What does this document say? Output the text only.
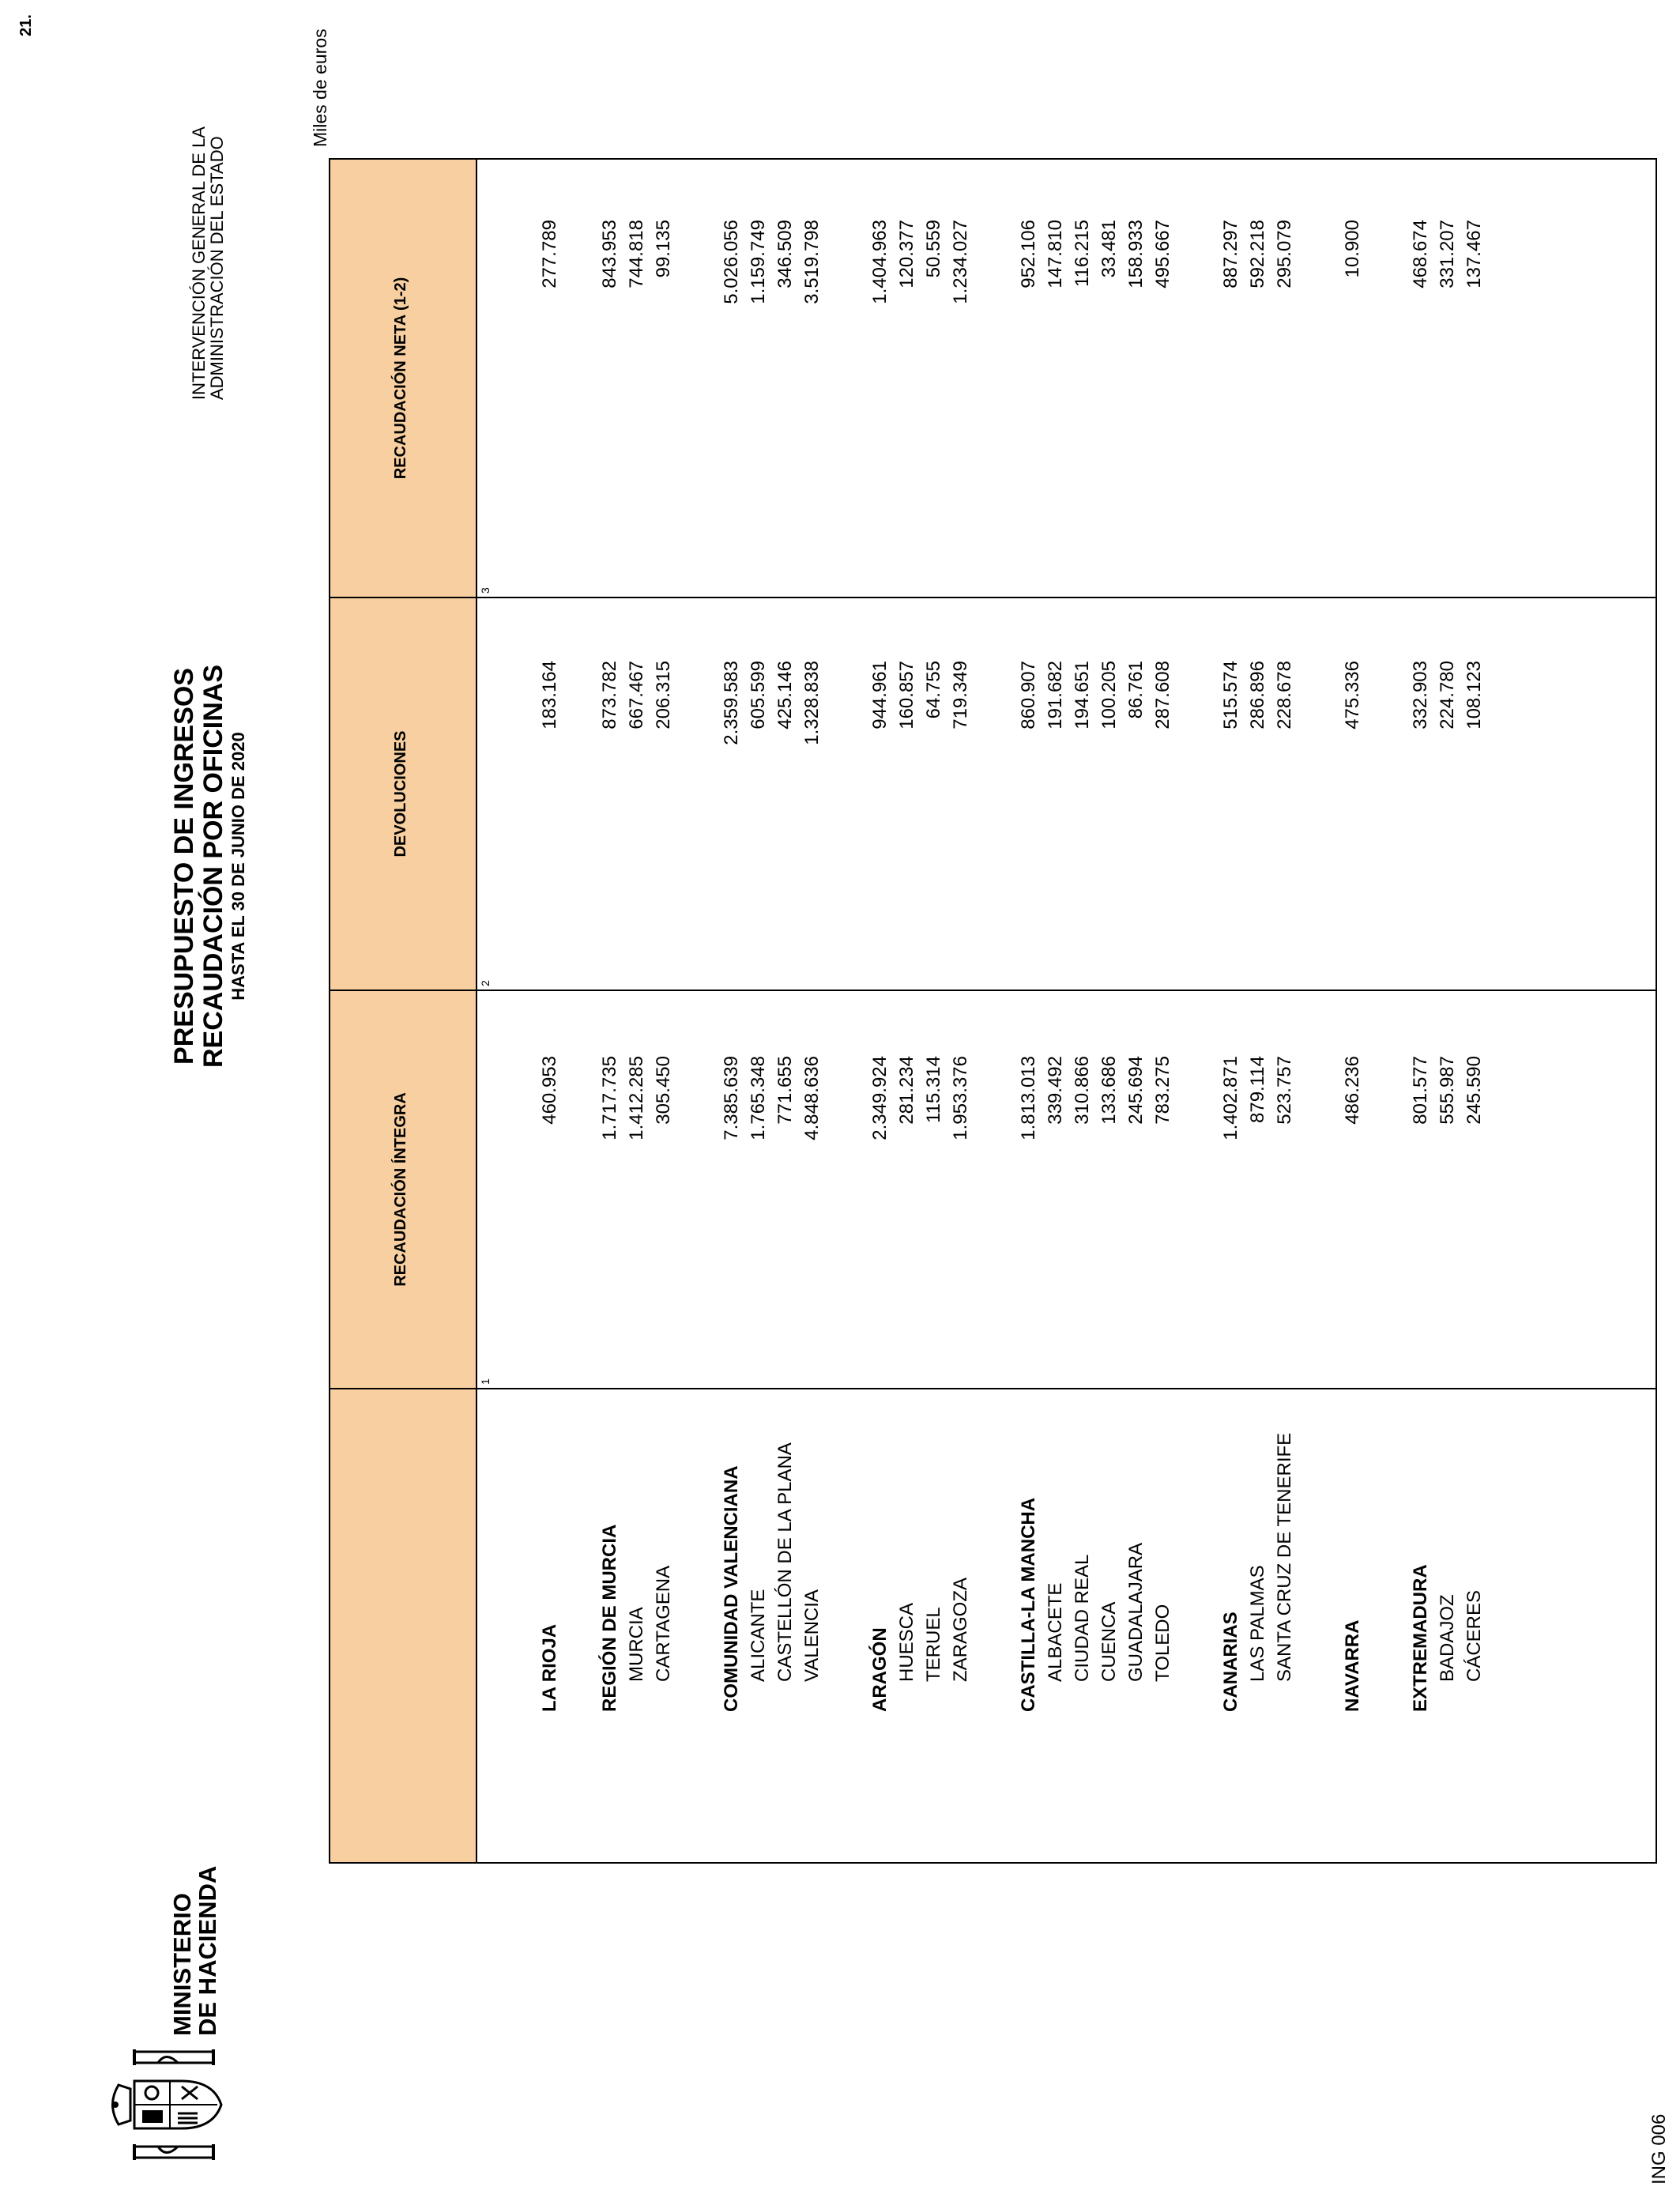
21.
MINISTERIO
DE HACIENDA
PRESUPUESTO DE INGRESOS RECAUDACIÓN POR OFICINAS HASTA EL 30 DE JUNIO DE 2020
INTERVENCIÓN GENERAL DE LA
ADMINISTRACIÓN DEL ESTADO
Miles de euros
ING 006
RECAUDACIÓN ÍNTEGRA
DEVOLUCIONES
RECAUDACIÓN NETA (1-2)
1
2
3
LA RIOJA
460.953
183.164
277.789
REGIÓN DE MURCIA
1.717.735
873.782
843.953
MURCIA
1.412.285
667.467
744.818
CARTAGENA
305.450
206.315
99.135
COMUNIDAD VALENCIANA
7.385.639
2.359.583
5.026.056
ALICANTE
1.765.348
605.599
1.159.749
CASTELLÓN DE LA PLANA
771.655
425.146
346.509
VALENCIA
4.848.636
1.328.838
3.519.798
ARAGÓN
2.349.924
944.961
1.404.963
HUESCA
281.234
160.857
120.377
TERUEL
115.314
64.755
50.559
ZARAGOZA
1.953.376
719.349
1.234.027
CASTILLA-LA MANCHA
1.813.013
860.907
952.106
ALBACETE
339.492
191.682
147.810
CIUDAD REAL
310.866
194.651
116.215
CUENCA
133.686
100.205
33.481
GUADALAJARA
245.694
86.761
158.933
TOLEDO
783.275
287.608
495.667
CANARIAS
1.402.871
515.574
887.297
LAS PALMAS
879.114
286.896
592.218
SANTA CRUZ DE TENERIFE
523.757
228.678
295.079
NAVARRA
486.236
475.336
10.900
EXTREMADURA
801.577
332.903
468.674
BADAJOZ
555.987
224.780
331.207
CÁCERES
245.590
108.123
137.467
